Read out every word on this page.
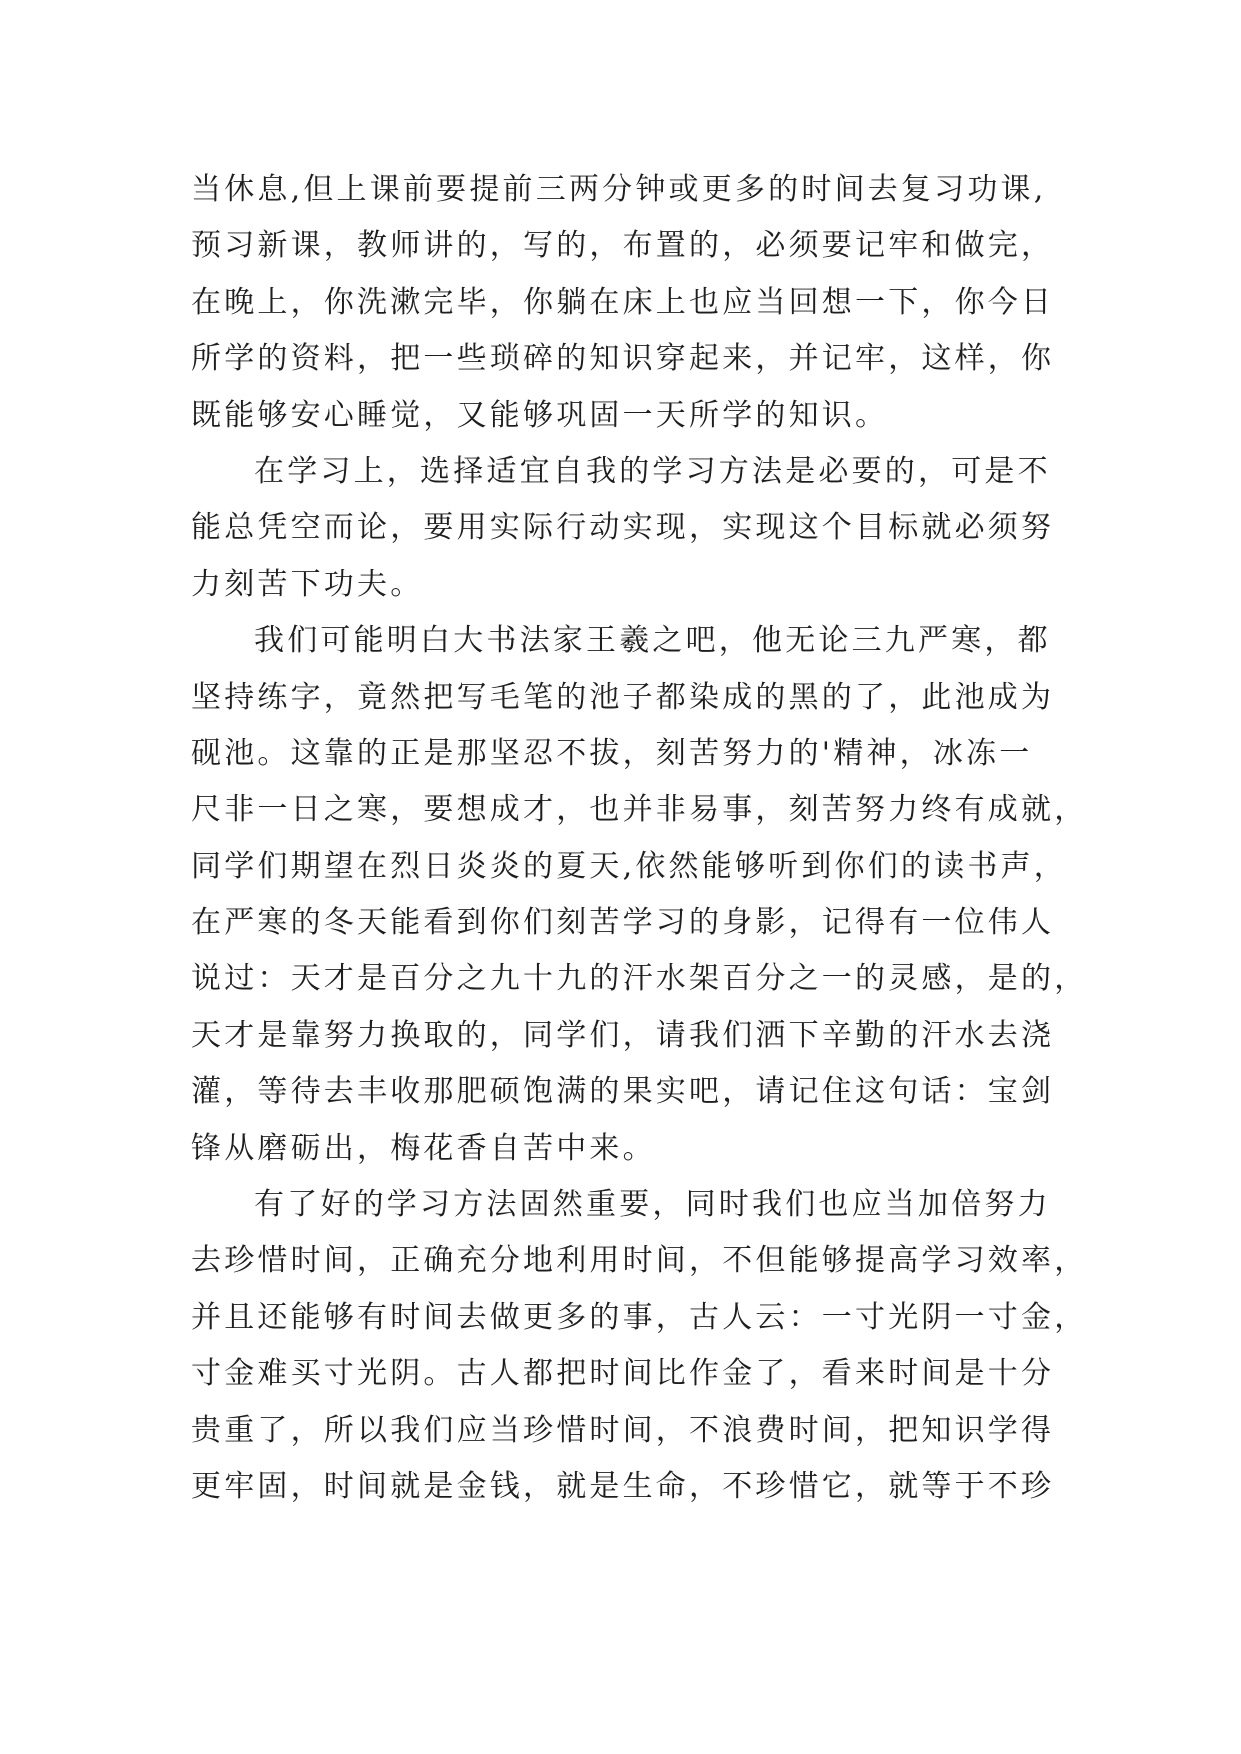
当休息,但上课前要提前三两分钟或更多的时间去复习功课,
预习新课，教师讲的，写的，布置的，必须要记牢和做完，
在晚上，你洗漱完毕，你躺在床上也应当回想一下，你今日
所学的资料，把一些琐碎的知识穿起来，并记牢，这样，你
既能够安心睡觉，又能够巩固一天所学的知识。
在学习上，选择适宜自我的学习方法是必要的，可是不
能总凭空而论，要用实际行动实现，实现这个目标就必须努
力刻苦下功夫。
我们可能明白大书法家王羲之吧，他无论三九严寒，都
坚持练字，竟然把写毛笔的池子都染成的黑的了，此池成为
砚池。这靠的正是那坚忍不拔，刻苦努力的'精神，冰冻一
尺非一日之寒，要想成才，也并非易事，刻苦努力终有成就，
同学们期望在烈日炎炎的夏天,依然能够听到你们的读书声，
在严寒的冬天能看到你们刻苦学习的身影，记得有一位伟人
说过：天才是百分之九十九的汗水架百分之一的灵感，是的，
天才是靠努力换取的，同学们，请我们洒下辛勤的汗水去浇
灌，等待去丰收那肥硕饱满的果实吧，请记住这句话：宝剑
锋从磨砺出，梅花香自苦中来。
有了好的学习方法固然重要，同时我们也应当加倍努力
去珍惜时间，正确充分地利用时间，不但能够提高学习效率，
并且还能够有时间去做更多的事，古人云：一寸光阴一寸金，
寸金难买寸光阴。古人都把时间比作金了，看来时间是十分
贵重了，所以我们应当珍惜时间，不浪费时间，把知识学得
更牢固，时间就是金钱，就是生命，不珍惜它，就等于不珍
